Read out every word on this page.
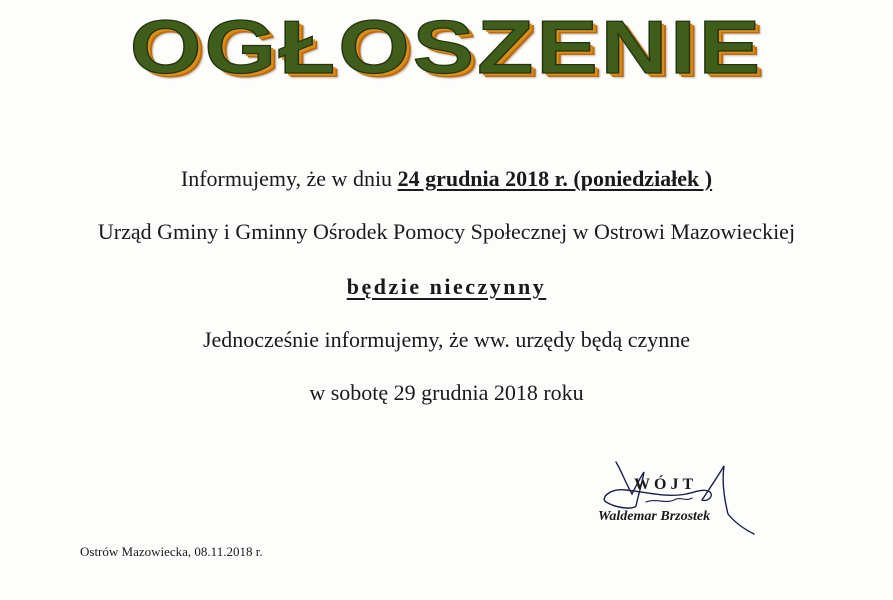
OGŁOSZENIE
Informujemy, że w dniu 24 grudnia 2018 r. (poniedziałek )
Urząd Gminy i Gminny Ośrodek Pomocy Społecznej w Ostrowi Mazowieckiej
będzie nieczynny
Jednocześnie informujemy, że ww. urzędy będą czynne
w sobotę 29 grudnia 2018 roku
WÓJT
Waldemar Brzostek
Ostrów Mazowiecka, 08.11.2018 r.
